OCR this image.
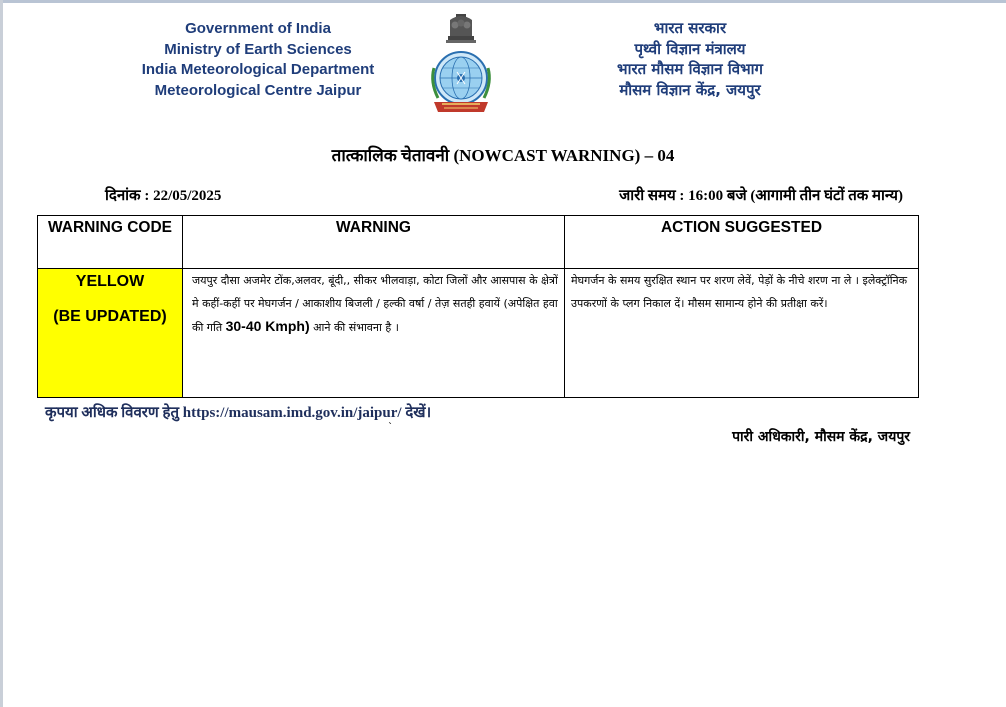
Government of India
Ministry of Earth Sciences
India Meteorological Department
Meteorological Centre Jaipur
भारत सरकार
पृथ्वी विज्ञान मंत्रालय
भारत मौसम विज्ञान विभाग
मौसम विज्ञान केंद्र, जयपुर
तात्कालिक चेतावनी (NOWCAST WARNING) – 04
दिनांक : 22/05/2025	जारी समय : 16:00 बजे (आगामी तीन घंटों तक मान्य)
WARNING CODE	WARNING	ACTION SUGGESTED

YELLOW
(BE UPDATED)	जयपुर दौसा अजमेर टोंक,अलवर, बूंदी,, सीकर भीलवाड़ा, कोटा जिलों और आसपास के क्षेत्रों मे कहीं-कहीं पर मेघगर्जन / आकाशीय बिजली / हल्की वर्षा / तेज़ सतही हवायें (अपेक्षित हवा की गति 30-40 Kmph) आने की संभावना है ।	मेघगर्जन के समय सुरक्षित स्थान पर शरण लेवें, पेड़ों के नीचे शरण ना ले । इलेक्ट्रॉनिक उपकरणों के प्लग निकाल दें। मौसम सामान्य होने की प्रतीक्षा करें।
कृपया अधिक विवरण हेतु https://mausam.imd.gov.in/jaipur/ देखें।
`
पारी अधिकारी, मौसम केंद्र, जयपुर
